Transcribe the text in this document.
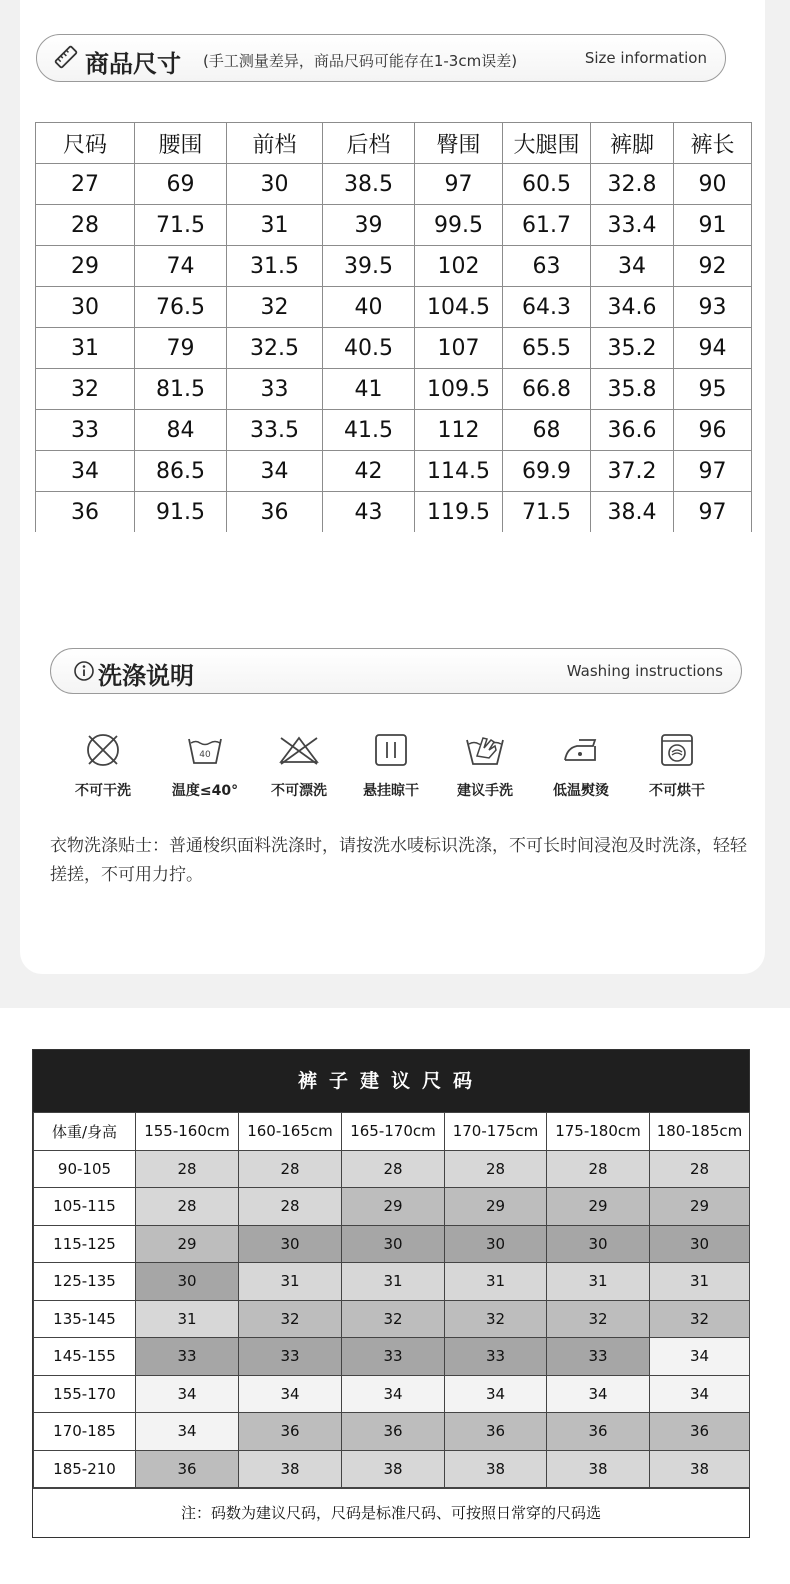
商品尺寸 (手工测量差异，商品尺码可能存在1-3cm误差)	Size information
尺码	腰围	前档	后档	臀围	大腿围	裤脚	裤长
27	69	30	38.5	97	60.5	32.8	90
28	71.5	31	39	99.5	61.7	33.4	91
29	74	31.5	39.5	102	63	34	92
30	76.5	32	40	104.5	64.3	34.6	93
31	79	32.5	40.5	107	65.5	35.2	94
32	81.5	33	41	109.5	66.8	35.8	95
33	84	33.5	41.5	112	68	36.6	96
34	86.5	34	42	114.5	69.9	37.2	97
36	91.5	36	43	119.5	71.5	38.4	97
洗涤说明	Washing instructions
不可干洗
40
温度≤40°	不可漂洗	悬挂晾干	建议手洗	低温熨烫	不可烘干
衣物洗涤贴士：普通梭织面料洗涤时，请按洗水唛标识洗涤，不可长时间浸泡及时洗涤，轻轻搓搓，不可用力拧。
裤子建议尺码
体重/身高	155-160cm	160-165cm	165-170cm	170-175cm	175-180cm	180-185cm
90-105	28	28	28	28	28	28
105-115	28	28	29	29	29	29
115-125	29	30	30	30	30	30
125-135	30	31	31	31	31	31
135-145	31	32	32	32	32	32
145-155	33	33	33	33	33	34
155-170	34	34	34	34	34	34
170-185	34	36	36	36	36	36
185-210	36	38	38	38	38	38
注：码数为建议尺码，尺码是标准尺码、可按照日常穿的尺码选
